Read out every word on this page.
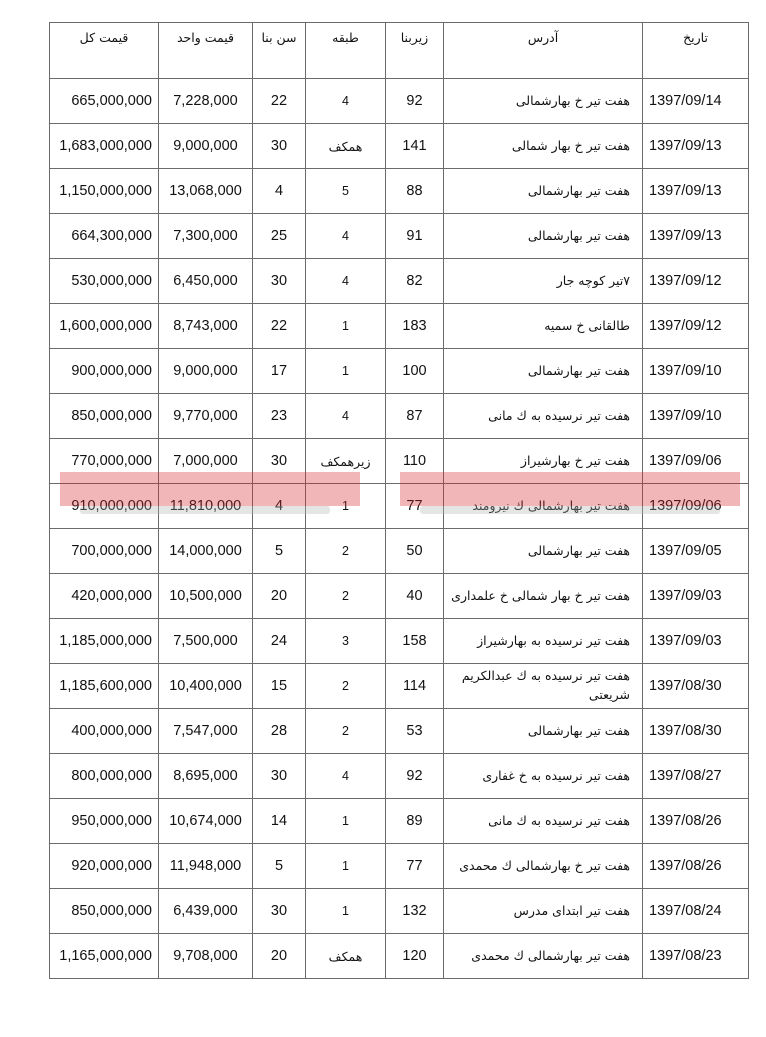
تاریخ	آدرس	زیربنا	طبقه	سن بنا	قیمت واحد	قیمت کل
1397/09/14	هفت تیر خ بهارشمالی	92	4	22	7,228,000	665,000,000
1397/09/13	هفت تیر خ بهار شمالی	141	همکف	30	9,000,000	1,683,000,000
1397/09/13	هفت تیر بهارشمالی	88	5	4	13,068,000	1,150,000,000
1397/09/13	هفت تیر بهارشمالی	91	4	25	7,300,000	664,300,000
1397/09/12	۷تیر کوچه جار	82	4	30	6,450,000	530,000,000
1397/09/12	طالقانی خ سمیه	183	1	22	8,743,000	1,600,000,000
1397/09/10	هفت تیر بهارشمالی	100	1	17	9,000,000	900,000,000
1397/09/10	هفت تیر نرسیده به ك مانی	87	4	23	9,770,000	850,000,000
1397/09/06	هفت تیر خ بهارشیراز	110	زیرهمکف	30	7,000,000	770,000,000
1397/09/06	هفت تیر بهارشمالی ك نیرومند	77	1	4	11,810,000	910,000,000
1397/09/05	هفت تیر بهارشمالی	50	2	5	14,000,000	700,000,000
1397/09/03	هفت تیر خ بهار شمالی خ علمداری	40	2	20	10,500,000	420,000,000
1397/09/03	هفت تیر نرسیده به بهارشیراز	158	3	24	7,500,000	1,185,000,000
1397/08/30	هفت تیر نرسیده به ك عبدالكریم شریعتی	114	2	15	10,400,000	1,185,600,000
1397/08/30	هفت تیر بهارشمالی	53	2	28	7,547,000	400,000,000
1397/08/27	هفت تیر نرسیده به خ غفاری	92	4	30	8,695,000	800,000,000
1397/08/26	هفت تیر نرسیده به ك مانی	89	1	14	10,674,000	950,000,000
1397/08/26	هفت تیر خ بهارشمالی ك محمدی	77	1	5	11,948,000	920,000,000
1397/08/24	هفت تیر ابتدای مدرس	132	1	30	6,439,000	850,000,000
1397/08/23	هفت تیر بهارشمالی ك محمدی	120	همكف	20	9,708,000	1,165,000,000
